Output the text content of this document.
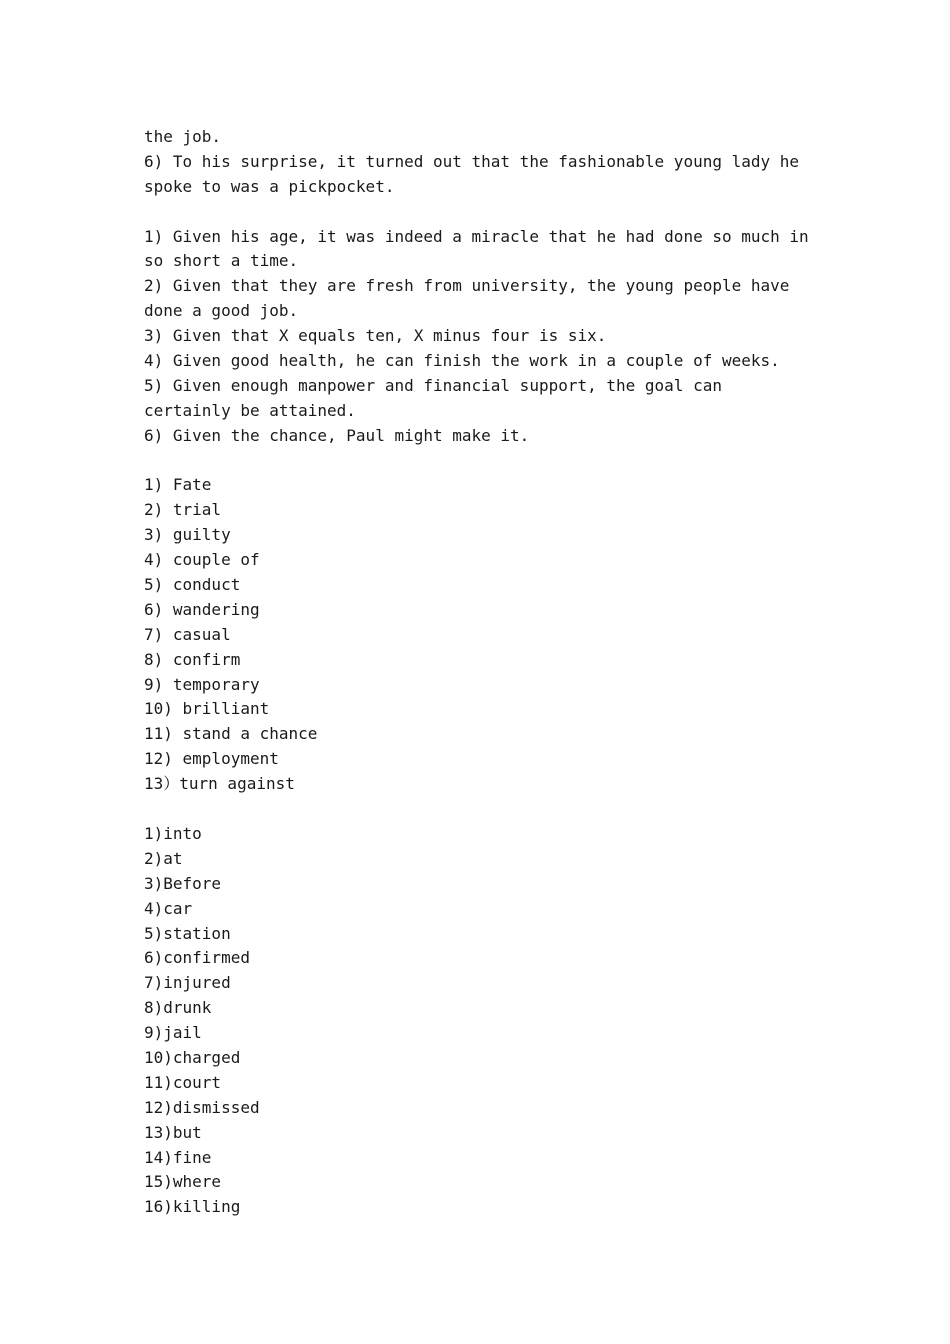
the job.
6) To his surprise, it turned out that the fashionable young lady he
spoke to was a pickpocket.
1) Given his age, it was indeed a miracle that he had done so much in
so short a time.
2) Given that they are fresh from university, the young people have
done a good job.
3) Given that X equals ten, X minus four is six.
4) Given good health, he can finish the work in a couple of weeks.
5) Given enough manpower and financial support, the goal can
certainly be attained.
6) Given the chance, Paul might make it.
1) Fate
2) trial
3) guilty
4) couple of
5) conduct
6) wandering
7) casual
8) confirm
9) temporary
10) brilliant
11) stand a chance
12) employment
13）turn against
1)into
2)at
3)Before
4)car
5)station
6)confirmed
7)injured
8)drunk
9)jail
10)charged
11)court
12)dismissed
13)but
14)fine
15)where
16)killing
